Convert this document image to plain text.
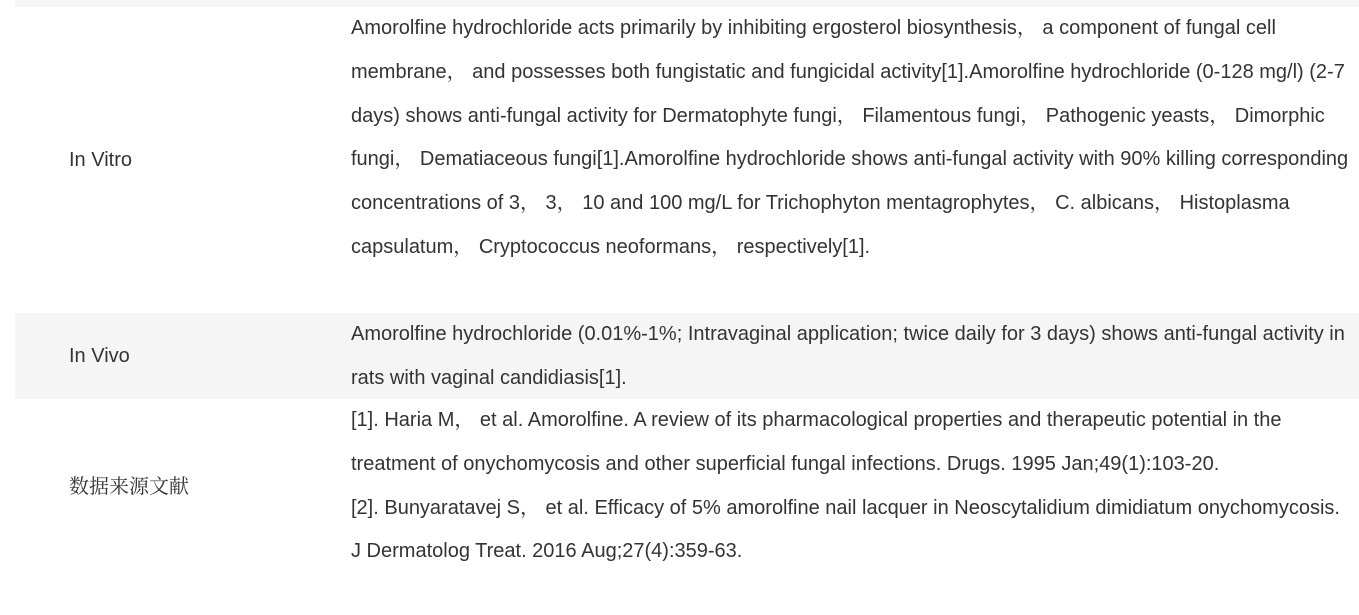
In Vitro
Amorolfine hydrochloride acts primarily by inhibiting ergosterol biosynthesis， a component of fungal cell membrane， and possesses both fungistatic and fungicidal activity[1].Amorolfine hydrochloride (0-128 mg/l) (2-7 days) shows anti-fungal activity for Dermatophyte fungi， Filamentous fungi， Pathogenic yeasts， Dimorphic fungi， Dematiaceous fungi[1].Amorolfine hydrochloride shows anti-fungal activity with 90% killing corresponding concentrations of 3， 3， 10 and 100 mg/L for Trichophyton mentagrophytes， C. albicans， Histoplasma capsulatum， Cryptococcus neoformans， respectively[1].
In Vivo
Amorolfine hydrochloride (0.01%-1%; Intravaginal application; twice daily for 3 days) shows anti-fungal activity in rats with vaginal candidiasis[1].
数据来源文献
[1]. Haria M， et al. Amorolfine. A review of its pharmacological properties and therapeutic potential in the treatment of onychomycosis and other superficial fungal infections. Drugs. 1995 Jan;49(1):103-20.
[2]. Bunyaratavej S， et al. Efficacy of 5% amorolfine nail lacquer in Neoscytalidium dimidiatum onychomycosis. J Dermatolog Treat. 2016 Aug;27(4):359-63.
